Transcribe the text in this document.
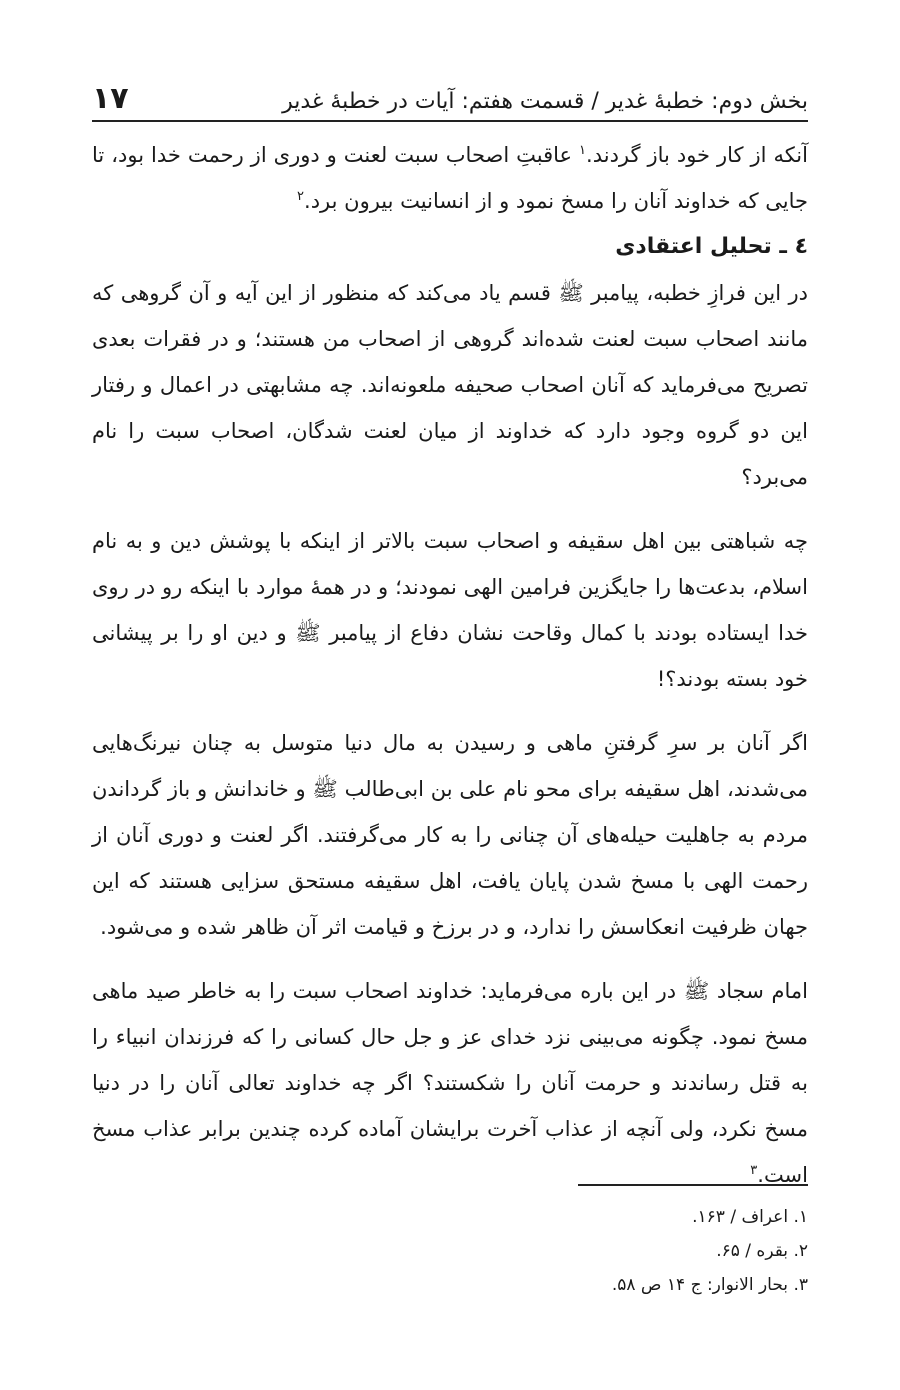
بخش دوم: خطبهٔ غدیر / قسمت هفتم: آیات در خطبهٔ غدیر
۱۷

آنکه از کار خود باز گردند.$^۱$ عاقبتِ اصحاب سبت لعنت و دوری از رحمت خدا بود، تا جایی که خداوند آنان را مسخ نمود و از انسانیت بیرون برد.$^۲$

٤ ـ تحلیل اعتقادی

در این فرازِ خطبه، پیامبر ﷺ قسم یاد می‌کند که منظور از این آیه و آن گروهی که مانند اصحاب سبت لعنت شده‌اند گروهی از اصحاب من هستند؛ و در فقرات بعدی تصریح می‌فرماید که آنان اصحاب صحیفه ملعونه‌اند. چه مشابهتی در اعمال و رفتار این دو گروه وجود دارد که خداوند از میان لعنت شدگان، اصحاب سبت را نام می‌برد؟

چه شباهتی بین اهل سقیفه و اصحاب سبت بالاتر از اینکه با پوشش دین و به نام اسلام، بدعت‌ها را جایگزین فرامین الهی نمودند؛ و در همهٔ موارد با اینکه رو در روی خدا ایستاده بودند با کمال وقاحت نشان دفاع از پیامبر ﷺ و دین او را بر پیشانی خود بسته بودند؟!

اگر آنان بر سرِ گرفتنِ ماهی و رسیدن به مال دنیا متوسل به چنان نیرنگ‌هایی می‌شدند، اهل سقیفه برای محو نام علی بن ابی‌طالب ﷺ و خاندانش و باز گرداندن مردم به جاهلیت حیله‌های آن چنانی را به کار می‌گرفتند. اگر لعنت و دوری آنان از رحمت الهی با مسخ شدن پایان یافت، اهل سقیفه مستحق سزایی هستند که این جهان ظرفیت انعکاسش را ندارد، و در برزخ و قیامت اثر آن ظاهر شده و می‌شود.

امام سجاد ﷺ در این باره می‌فرماید: خداوند اصحاب سبت را به خاطر صید ماهی مسخ نمود. چگونه می‌بینی نزد خدای عز و جل حال کسانی را که فرزندان انبیاء را به قتل رساندند و حرمت آنان را شکستند؟ اگر چه خداوند تعالی آنان را در دنیا مسخ نکرد، ولی آنچه از عذاب آخرت برایشان آماده کرده چندین برابر عذاب مسخ است.$^۳$

۱. اعراف / ۱۶۳.
۲. بقره / ۶۵.
۳. بحار الانوار: ج ۱۴ ص ۵۸.
